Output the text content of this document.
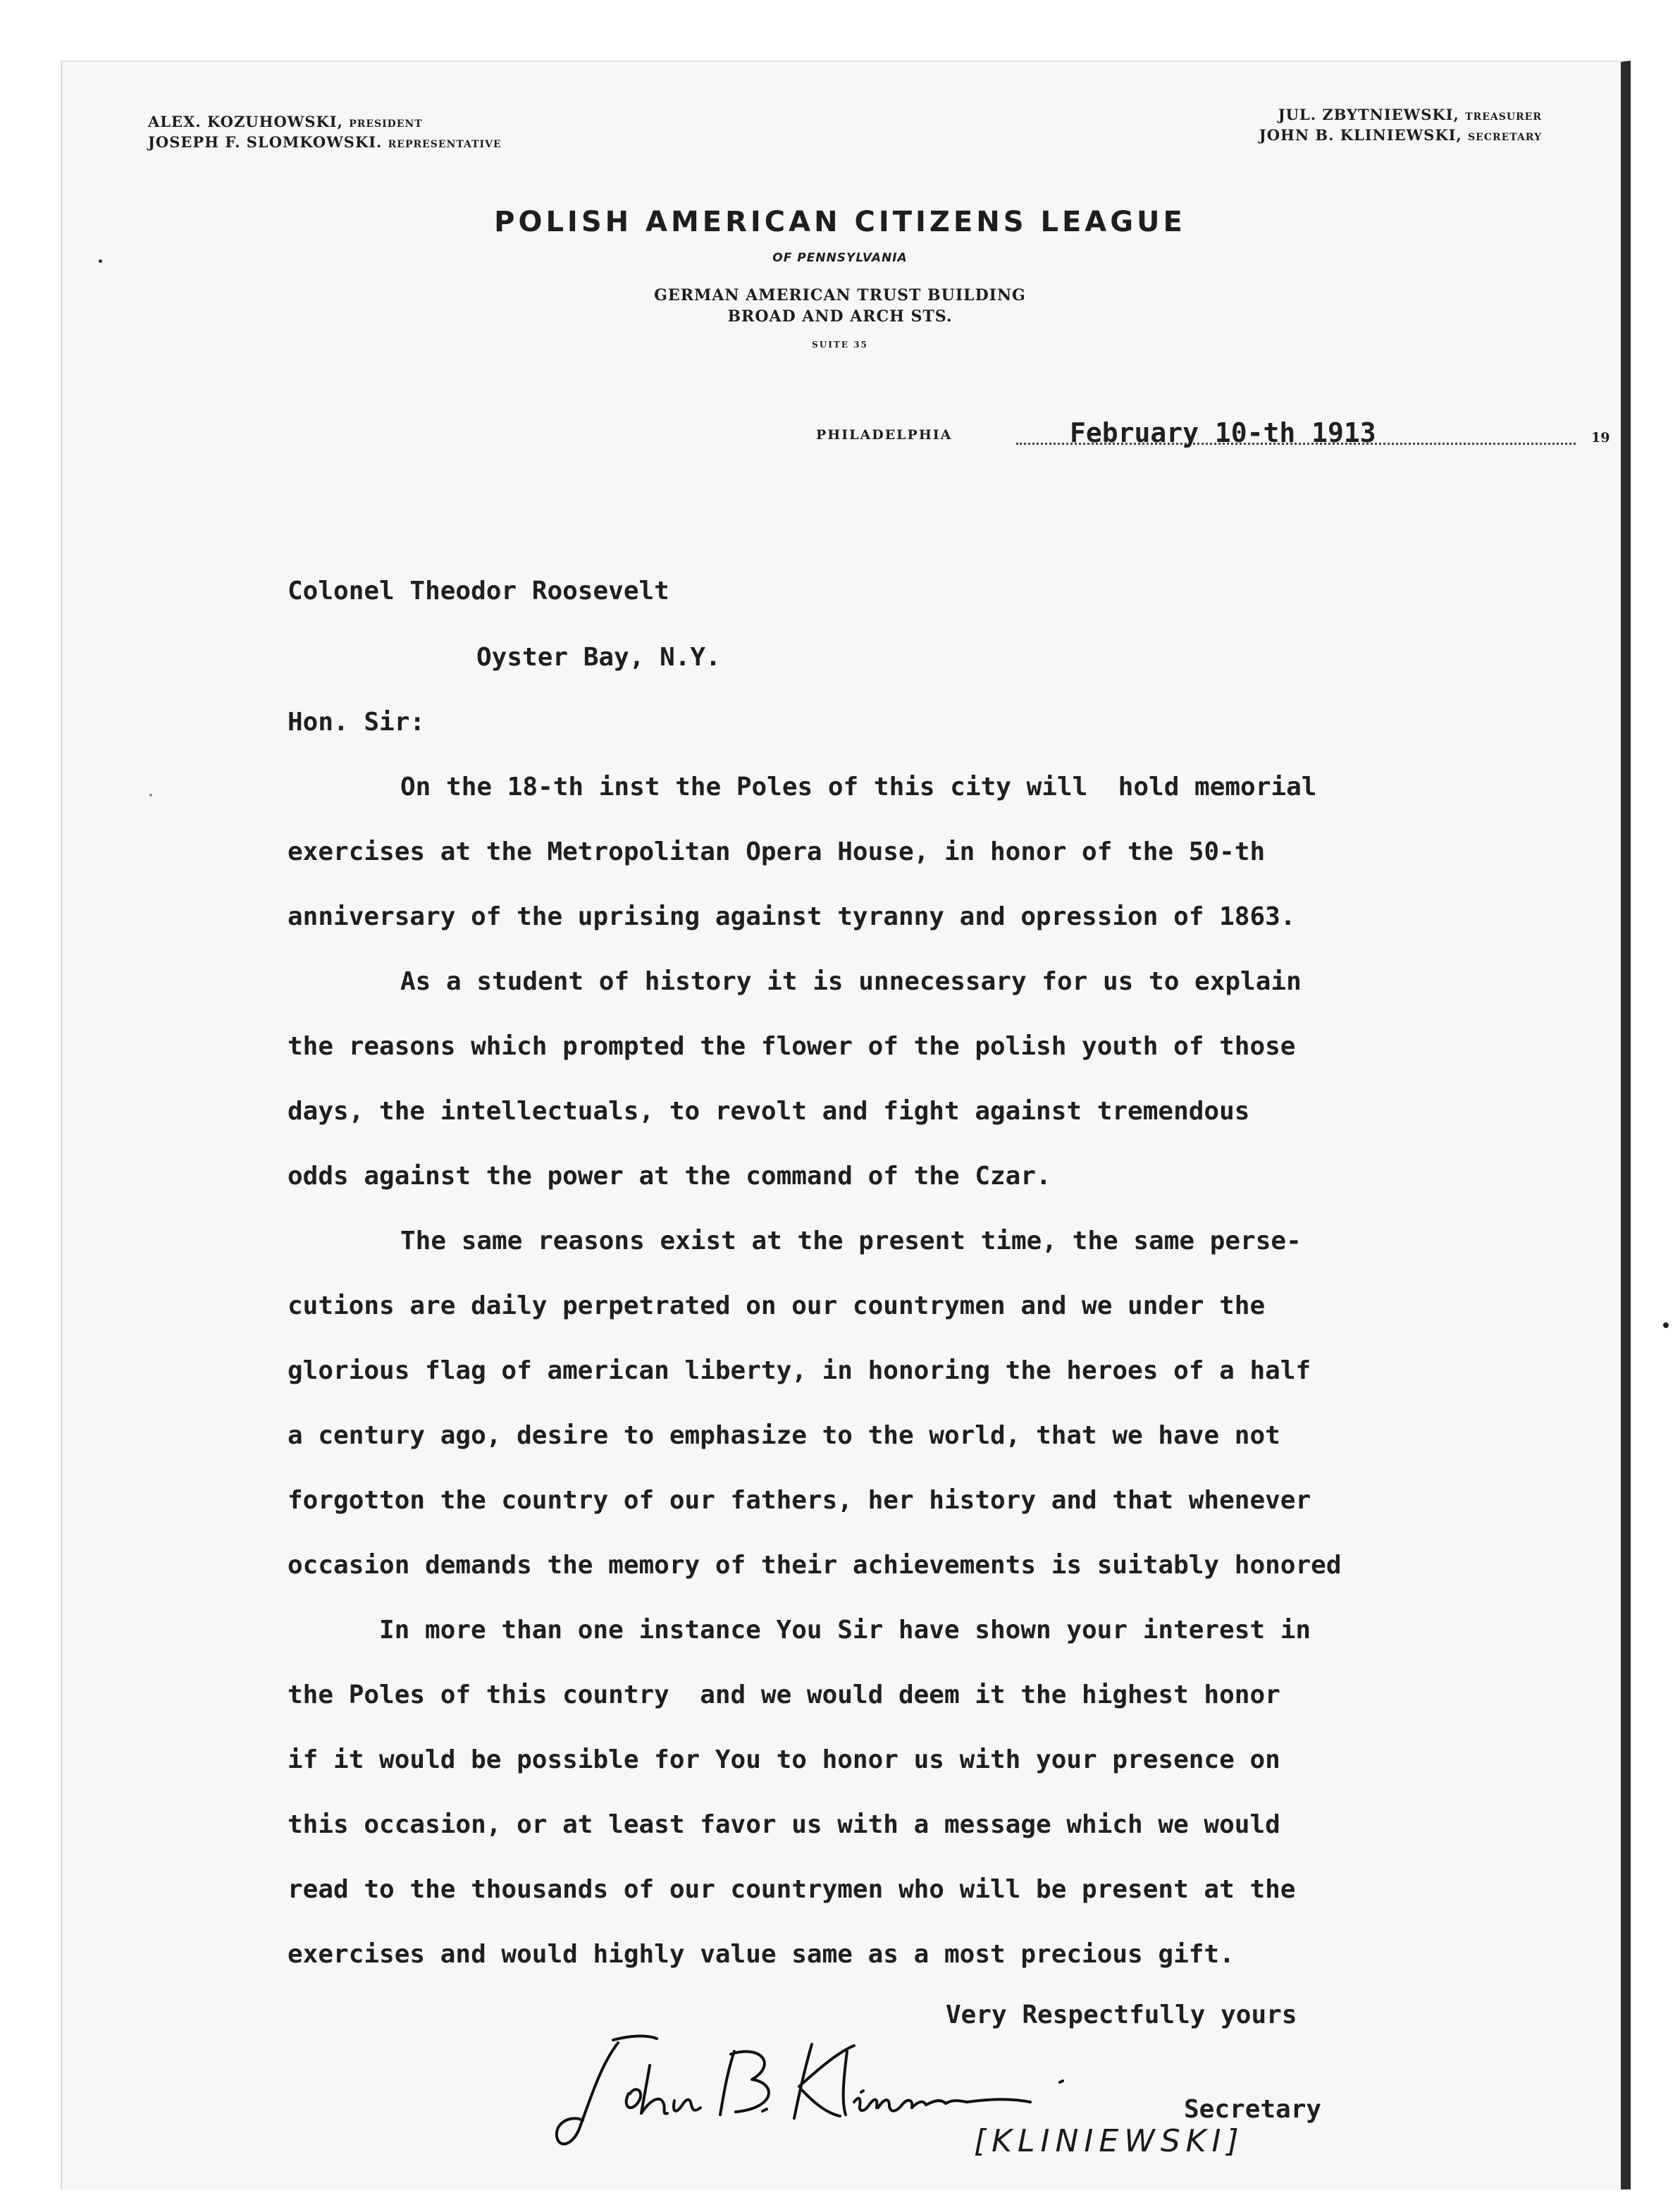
ALEX. KOZUHOWSKI, PRESIDENT
JOSEPH F. SLOMKOWSKI. REPRESENTATIVE
JUL. ZBYTNIEWSKI, TREASURER
JOHN B. KLINIEWSKI, SECRETARY
POLISH AMERICAN CITIZENS LEAGUE
OF PENNSYLVANIA
GERMAN AMERICAN TRUST BUILDING
BROAD AND ARCH STS.
SUITE 35
PHILADELPHIA	February 10-th 1913	19
Colonel Theodor Roosevelt
Oyster Bay, N.Y.
Hon. Sir:
On the 18-th inst the Poles of this city will  hold memorial
exercises at the Metropolitan Opera House, in honor of the 50-th
anniversary of the uprising against tyranny and opression of 1863.
As a student of history it is unnecessary for us to explain
the reasons which prompted the flower of the polish youth of those
days, the intellectuals, to revolt and fight against tremendous
odds against the power at the command of the Czar.
The same reasons exist at the present time, the same perse-
cutions are daily perpetrated on our countrymen and we under the
glorious flag of american liberty, in honoring the heroes of a half
a century ago, desire to emphasize to the world, that we have not
forgotton the country of our fathers, her history and that whenever
occasion demands the memory of their achievements is suitably honored
In more than one instance You Sir have shown your interest in
the Poles of this country  and we would deem it the highest honor
if it would be possible for You to honor us with your presence on
this occasion, or at least favor us with a message which we would
read to the thousands of our countrymen who will be present at the
exercises and would highly value same as a most precious gift.
Very Respectfully yours
Secretary
[KLINIEWSKI]
